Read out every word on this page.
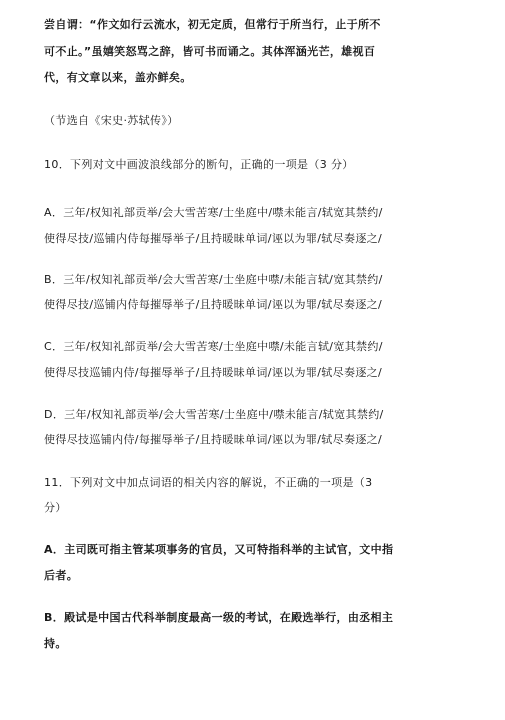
尝自谓：“作文如行云流水，初无定质，但常行于所当行，止于所不
可不止。”虽嬉笑怒骂之辞，皆可书而诵之。其体浑涵光芒，雄视百
代，有文章以来，盖亦鲜矣。
（节选自《宋史·苏轼传》）
10．下列对文中画波浪线部分的断句，正确的一项是（3 分）
A．三年/权知礼部贡举/会大雪苦寒/士坐庭中/噤未能言/轼宽其禁约/
使得尽技/巡铺内侍每摧辱举子/且持暖昧单词/诬以为罪/轼尽奏逐之/
B．三年/权知礼部贡举/会大雪苦寒/士坐庭中噤/未能言轼/宽其禁约/
使得尽技/巡铺内侍每摧辱举子/且持暖昧单词/诬以为罪/轼尽奏逐之/
C．三年/权知礼部贡举/会大雪苦寒/士坐庭中噤/未能言轼/宽其禁约/
使得尽技巡铺内侍/每摧辱举子/且持暖昧单词/诬以为罪/轼尽奏逐之/
D．三年/权知礼部贡举/会大雪苦寒/士坐庭中/噤未能言/轼宽其禁约/
使得尽技巡铺内侍/每摧辱举子/且持暖昧单词/诬以为罪/轼尽奏逐之/
11．下列对文中加点词语的相关内容的解说，不正确的一项是（3
分）
A．主司既可指主管某项事务的官员，又可特指科举的主试官，文中指
后者。
B．殿试是中国古代科举制度最高一级的考试，在殿选举行，由丞相主
持。
